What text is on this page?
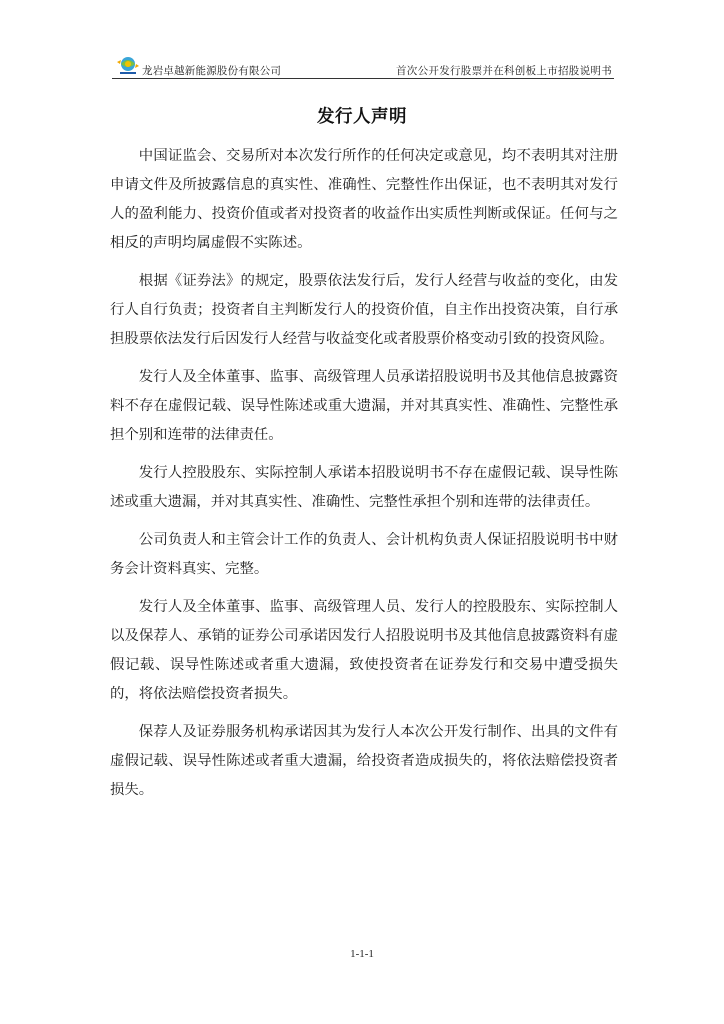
龙岩卓越新能源股份有限公司	首次公开发行股票并在科创板上市招股说明书
发行人声明

中国证监会、交易所对本次发行所作的任何决定或意见，均不表明其对注册申请文件及所披露信息的真实性、准确性、完整性作出保证，也不表明其对发行人的盈利能力、投资价值或者对投资者的收益作出实质性判断或保证。任何与之相反的声明均属虚假不实陈述。

根据《证券法》的规定，股票依法发行后，发行人经营与收益的变化，由发行人自行负责；投资者自主判断发行人的投资价值，自主作出投资决策，自行承担股票依法发行后因发行人经营与收益变化或者股票价格变动引致的投资风险。

发行人及全体董事、监事、高级管理人员承诺招股说明书及其他信息披露资料不存在虚假记载、误导性陈述或重大遗漏，并对其真实性、准确性、完整性承担个别和连带的法律责任。

发行人控股股东、实际控制人承诺本招股说明书不存在虚假记载、误导性陈述或重大遗漏，并对其真实性、准确性、完整性承担个别和连带的法律责任。

公司负责人和主管会计工作的负责人、会计机构负责人保证招股说明书中财务会计资料真实、完整。

发行人及全体董事、监事、高级管理人员、发行人的控股股东、实际控制人以及保荐人、承销的证券公司承诺因发行人招股说明书及其他信息披露资料有虚假记载、误导性陈述或者重大遗漏，致使投资者在证券发行和交易中遭受损失的，将依法赔偿投资者损失。

保荐人及证券服务机构承诺因其为发行人本次公开发行制作、出具的文件有虚假记载、误导性陈述或者重大遗漏，给投资者造成损失的，将依法赔偿投资者损失。

1-1-1
